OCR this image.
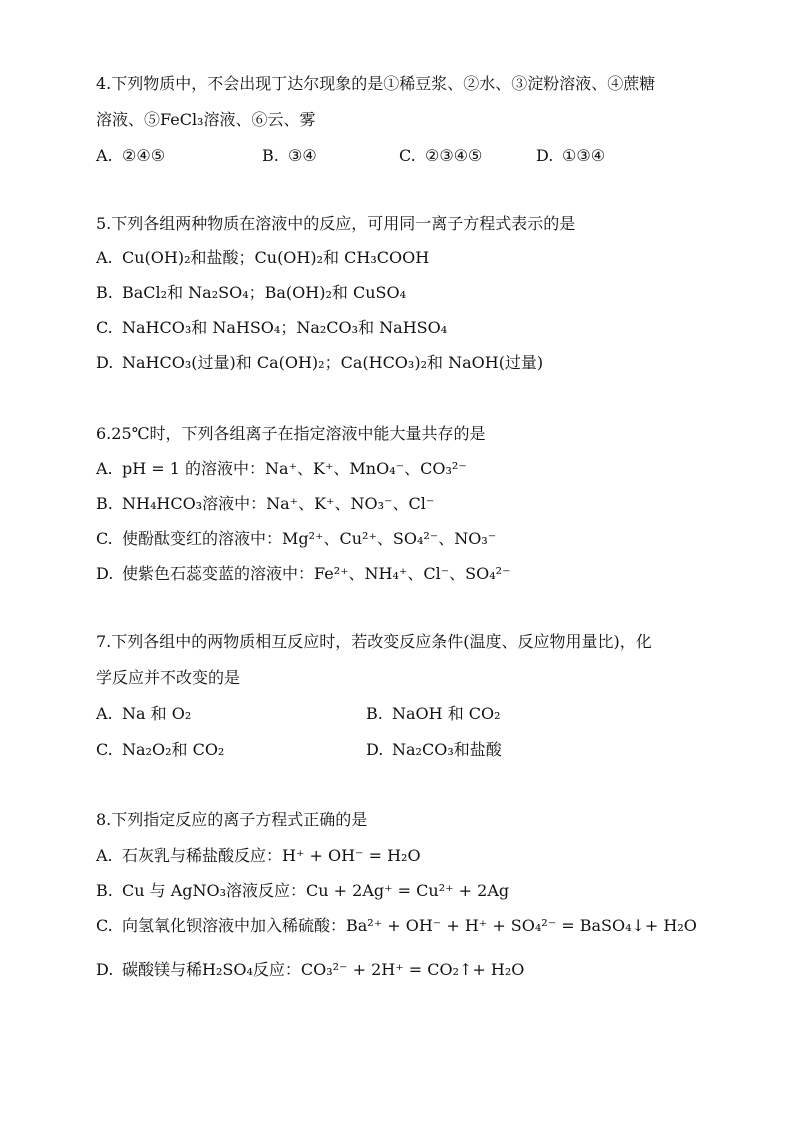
4.下列物质中，不会出现丁达尔现象的是①稀豆浆、②水、③淀粉溶液、④蔗糖
溶液、⑤FeCl₃溶液、⑥云、雾
A. ②④⑤	B. ③④	C. ②③④⑤	D. ①③④
5.下列各组两种物质在溶液中的反应，可用同一离子方程式表示的是
A. Cu(OH)₂和盐酸；Cu(OH)₂和 CH₃COOH
B. BaCl₂和 Na₂SO₄；Ba(OH)₂和 CuSO₄
C. NaHCO₃和 NaHSO₄；Na₂CO₃和 NaHSO₄
D. NaHCO₃(过量)和 Ca(OH)₂；Ca(HCO₃)₂和 NaOH(过量)
6.25℃时，下列各组离子在指定溶液中能大量共存的是
A. pH = 1 的溶液中：Na⁺、K⁺、MnO₄⁻、CO₃²⁻
B. NH₄HCO₃溶液中：Na⁺、K⁺、NO₃⁻、Cl⁻
C. 使酚酞变红的溶液中：Mg²⁺、Cu²⁺、SO₄²⁻、NO₃⁻
D. 使紫色石蕊变蓝的溶液中：Fe²⁺、NH₄⁺、Cl⁻、SO₄²⁻
7.下列各组中的两物质相互反应时，若改变反应条件(温度、反应物用量比)，化
学反应并不改变的是
A. Na 和 O₂	B. NaOH 和 CO₂
C. Na₂O₂和 CO₂	D. Na₂CO₃和盐酸
8.下列指定反应的离子方程式正确的是
A. 石灰乳与稀盐酸反应：H⁺ + OH⁻ = H₂O
B. Cu 与 AgNO₃溶液反应：Cu + 2Ag⁺ = Cu²⁺ + 2Ag
C. 向氢氧化钡溶液中加入稀硫酸：Ba²⁺ + OH⁻ + H⁺ + SO₄²⁻ = BaSO₄↓+ H₂O
D. 碳酸镁与稀H₂SO₄反应：CO₃²⁻ + 2H⁺ = CO₂↑+ H₂O
